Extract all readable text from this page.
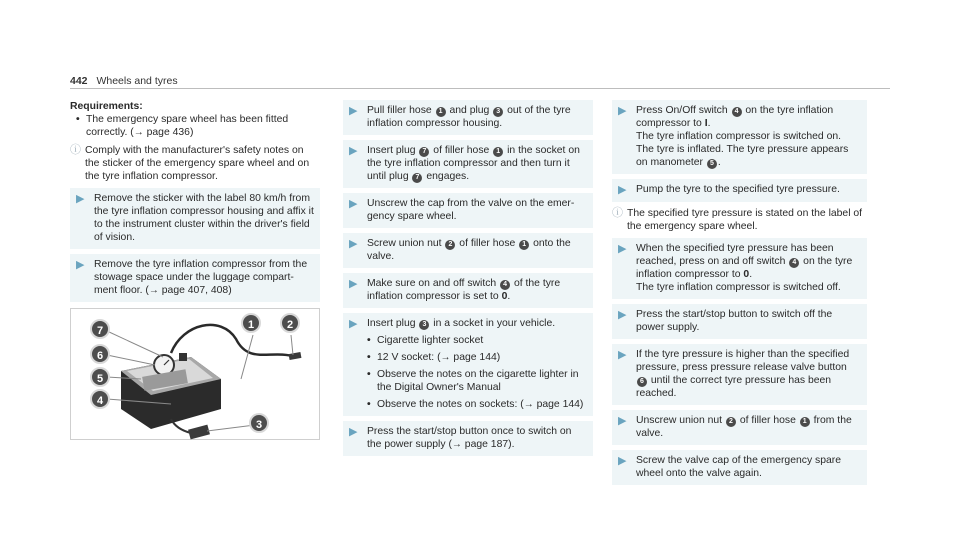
442 Wheels and tyres
Requirements:
• The emergency spare wheel has been fitted correctly. (→ page 436)
ⓘ Comply with the manufacturer's safety notes on the sticker of the emergency spare wheel and on the tyre inflation compressor.
▶ Remove the sticker with the label 80 km/h from the tyre inflation compressor housing and affix it to the instrument cluster within the driver's field of vision.
▶ Remove the tyre inflation compressor from the stowage space under the luggage compart-ment floor. (→ page 407, 408)
7
6
5
4
1	2
3
▶ Pull filler hose 1 and plug 3 out of the tyre inflation compressor housing.
▶ Insert plug 7 of filler hose 1 in the socket on the tyre inflation compressor and then turn it until plug 7 engages.
▶ Unscrew the cap from the valve on the emer-gency spare wheel.
▶ Screw union nut 2 of filler hose 1 onto the valve.
▶ Make sure on and off switch 4 of the tyre inflation compressor is set to 0.
▶ Insert plug 3 in a socket in your vehicle.
• Cigarette lighter socket
• 12 V socket: (→ page 144)
• Observe the notes on the cigarette lighter in the Digital Owner's Manual
• Observe the notes on sockets: (→ page 144)
▶ Press the start/stop button once to switch on the power supply (→ page 187).
▶ Press On/Off switch 4 on the tyre inflation compressor to I.
The tyre inflation compressor is switched on.
The tyre is inflated. The tyre pressure appears on manometer 5 .
▶ Pump the tyre to the specified tyre pressure.
ⓘ The specified tyre pressure is stated on the label of the emergency spare wheel.
▶ When the specified tyre pressure has been reached, press on and off switch 4 on the tyre inflation compressor to 0.
The tyre inflation compressor is switched off.
▶ Press the start/stop button to switch off the power supply.
▶ If the tyre pressure is higher than the specified pressure, press pressure release valve button 6 until the correct tyre pressure has been reached.
▶ Unscrew union nut 2 of filler hose 1 from the valve.
▶ Screw the valve cap of the emergency spare wheel onto the valve again.
